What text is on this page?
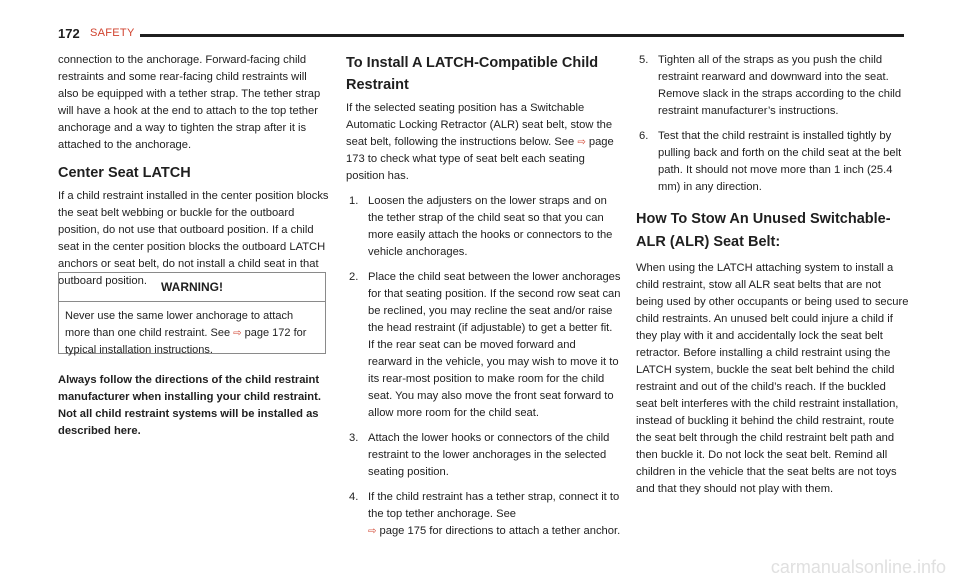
172 SAFETY

connection to the anchorage. Forward-facing child restraints and some rear-facing child restraints will also be equipped with a tether strap. The tether strap will have a hook at the end to attach to the top tether anchorage and a way to tighten the strap after it is attached to the anchorage.

Center Seat LATCH

If a child restraint installed in the center position blocks the seat belt webbing or buckle for the outboard position, do not use that outboard position. If a child seat in the center position blocks the outboard LATCH anchors or seat belt, do not install a child seat in that outboard position.	WARNING!
Never use the same lower anchorage to attach more than one child restraint. See ⇨ page 172 for typical installation instructions.

Always follow the directions of the child restraint manufacturer when installing your child restraint. Not all child restraint systems will be installed as described here.

To Install A LATCH-Compatible Child Restraint

If the selected seating position has a Switchable Automatic Locking Retractor (ALR) seat belt, stow the seat belt, following the instructions below. See ⇨ page 173 to check what type of seat belt each seating position has.

1. Loosen the adjusters on the lower straps and on the tether strap of the child seat so that you can more easily attach the hooks or connectors to the vehicle anchorages.
2. Place the child seat between the lower anchorages for that seating position. If the second row seat can be reclined, you may recline the seat and/or raise the head restraint (if adjustable) to get a better fit. If the rear seat can be moved forward and rearward in the vehicle, you may wish to move it to its rear-most position to make room for the child seat. You may also move the front seat forward to allow more room for the child seat.
3. Attach the lower hooks or connectors of the child restraint to the lower anchorages in the selected seating position.
4. If the child restraint has a tether strap, connect it to the top tether anchorage. See
⇨ page 175 for directions to attach a tether anchor.
5. Tighten all of the straps as you push the child restraint rearward and downward into the seat. Remove slack in the straps according to the child restraint manufacturer’s instructions.
6. Test that the child restraint is installed tightly by pulling back and forth on the child seat at the belt path. It should not move more than 1 inch (25.4 mm) in any direction.
How To Stow An Unused Switchable-ALR (ALR) Seat Belt:

When using the LATCH attaching system to install a child restraint, stow all ALR seat belts that are not being used by other occupants or being used to secure child restraints. An unused belt could injure a child if they play with it and accidentally lock the seat belt retractor. Before installing a child restraint using the LATCH system, buckle the seat belt behind the child restraint and out of the child’s reach. If the buckled seat belt interferes with the child restraint installation, instead of buckling it behind the child restraint, route the seat belt through the child restraint belt path and then buckle it. Do not lock the seat belt. Remind all children in the vehicle that the seat belts are not toys and that they should not play with them.

carmanualsonline.info
